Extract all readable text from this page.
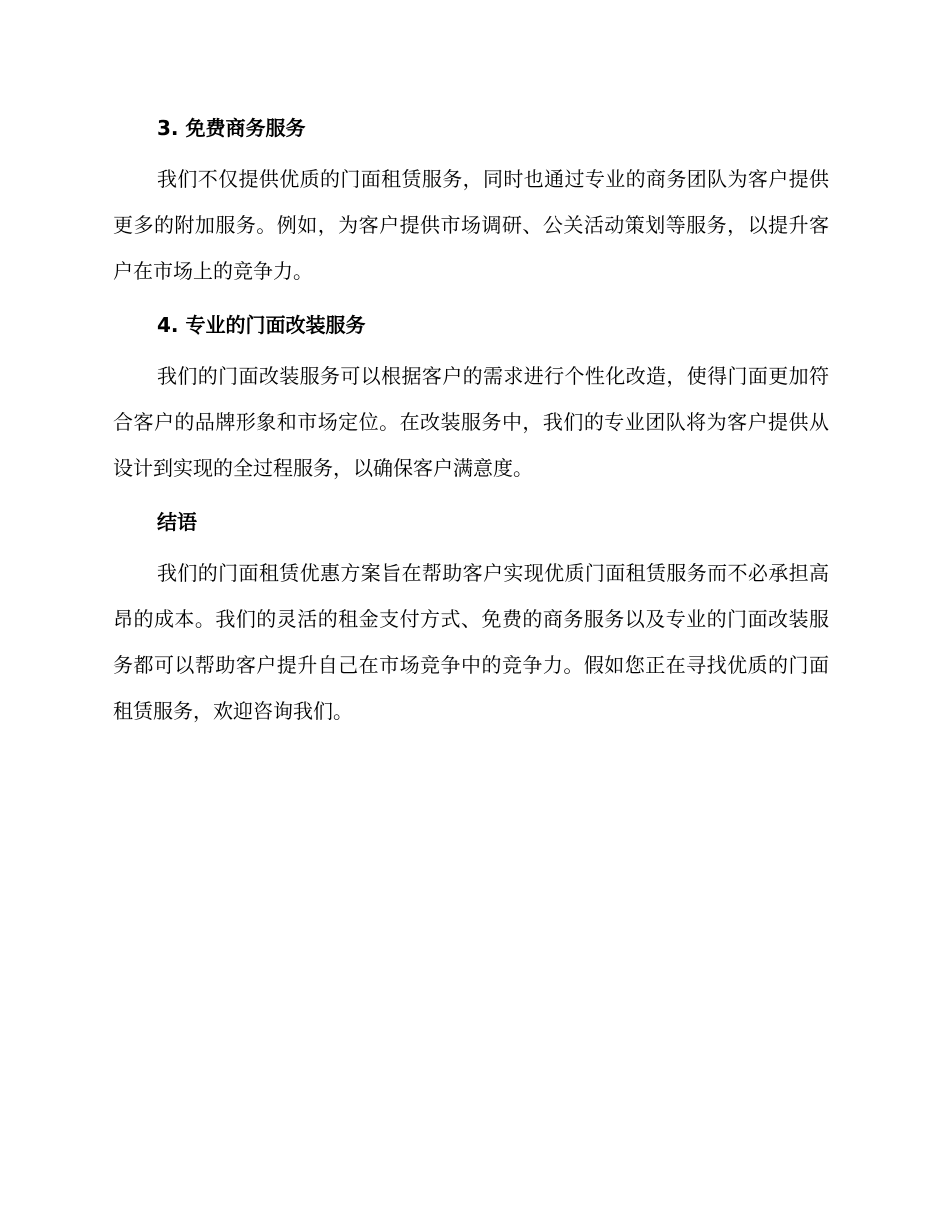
3. 免费商务服务

我们不仅提供优质的门面租赁服务，同时也通过专业的商务团队为客户提供更多的附加服务。例如，为客户提供市场调研、公关活动策划等服务，以提升客户在市场上的竞争力。

4. 专业的门面改装服务

我们的门面改装服务可以根据客户的需求进行个性化改造，使得门面更加符合客户的品牌形象和市场定位。在改装服务中，我们的专业团队将为客户提供从设计到实现的全过程服务，以确保客户满意度。

结语

我们的门面租赁优惠方案旨在帮助客户实现优质门面租赁服务而不必承担高昂的成本。我们的灵活的租金支付方式、免费的商务服务以及专业的门面改装服务都可以帮助客户提升自己在市场竞争中的竞争力。假如您正在寻找优质的门面租赁服务，欢迎咨询我们。
